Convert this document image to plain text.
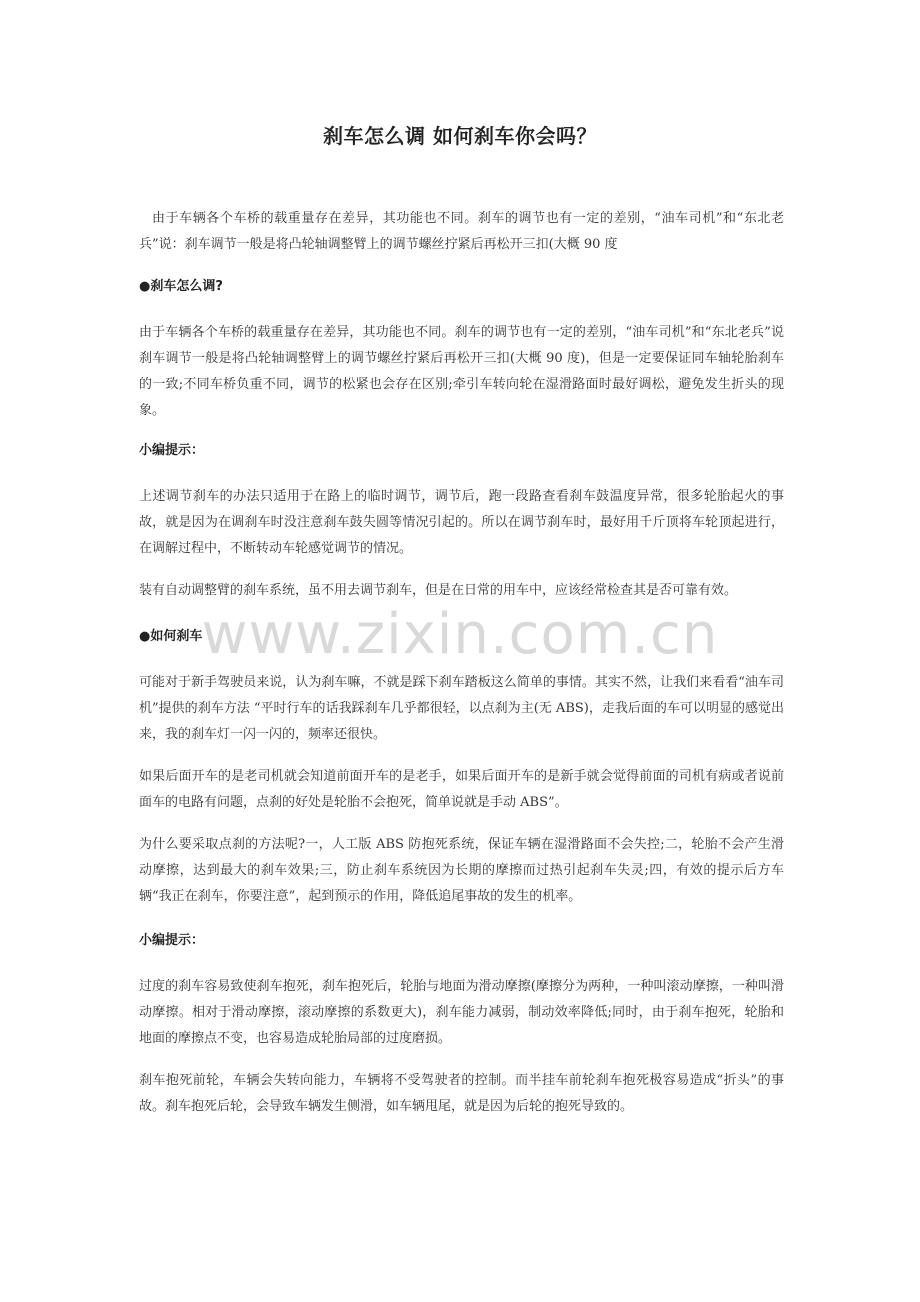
刹车怎么调 如何刹车你会吗？
由于车辆各个车桥的载重量存在差异，其功能也不同。刹车的调节也有一定的差别，“油车司机”和“东北老兵”说：刹车调节一般是将凸轮轴调整臂上的调节螺丝拧紧后再松开三扣(大概 90 度
●刹车怎么调?
由于车辆各个车桥的载重量存在差异，其功能也不同。刹车的调节也有一定的差别，“油车司机”和“东北老兵”说 刹车调节一般是将凸轮轴调整臂上的调节螺丝拧紧后再松开三扣(大概 90 度)，但是一定要保证同车轴轮胎刹车的一致;不同车桥负重不同，调节的松紧也会存在区别;牵引车转向轮在湿滑路面时最好调松，避免发生折头的现象。
小编提示：
上述调节刹车的办法只适用于在路上的临时调节，调节后，跑一段路查看刹车鼓温度异常，很多轮胎起火的事故，就是因为在调刹车时没注意刹车鼓失圆等情况引起的。所以在调节刹车时，最好用千斤顶将车轮顶起进行，在调解过程中，不断转动车轮感觉调节的情况。
装有自动调整臂的刹车系统，虽不用去调节刹车，但是在日常的用车中，应该经常检查其是否可靠有效。
www.zixin.com.cn
●如何刹车
可能对于新手驾驶员来说，认为刹车嘛，不就是踩下刹车踏板这么简单的事情。其实不然，让我们来看看“油车司机”提供的刹车方法 “平时行车的话我踩刹车几乎都很轻，以点刹为主(无 ABS)，走我后面的车可以明显的感觉出来，我的刹车灯一闪一闪的，频率还很快。
如果后面开车的是老司机就会知道前面开车的是老手，如果后面开车的是新手就会觉得前面的司机有病或者说前面车的电路有问题，点刹的好处是轮胎不会抱死，简单说就是手动 ABS”。
为什么要采取点刹的方法呢?一，人工版 ABS 防抱死系统，保证车辆在湿滑路面不会失控;二，轮胎不会产生滑动摩擦，达到最大的刹车效果;三，防止刹车系统因为长期的摩擦而过热引起刹车失灵;四，有效的提示后方车辆“我正在刹车，你要注意”，起到预示的作用，降低追尾事故的发生的机率。
小编提示：
过度的刹车容易致使刹车抱死，刹车抱死后，轮胎与地面为滑动摩擦(摩擦分为两种，一种叫滚动摩擦，一种叫滑动摩擦。相对于滑动摩擦，滚动摩擦的系数更大)，刹车能力减弱，制动效率降低;同时，由于刹车抱死，轮胎和地面的摩擦点不变，也容易造成轮胎局部的过度磨损。
刹车抱死前轮，车辆会失转向能力，车辆将不受驾驶者的控制。而半挂车前轮刹车抱死极容易造成“折头”的事故。刹车抱死后轮，会导致车辆发生侧滑，如车辆甩尾，就是因为后轮的抱死导致的。
